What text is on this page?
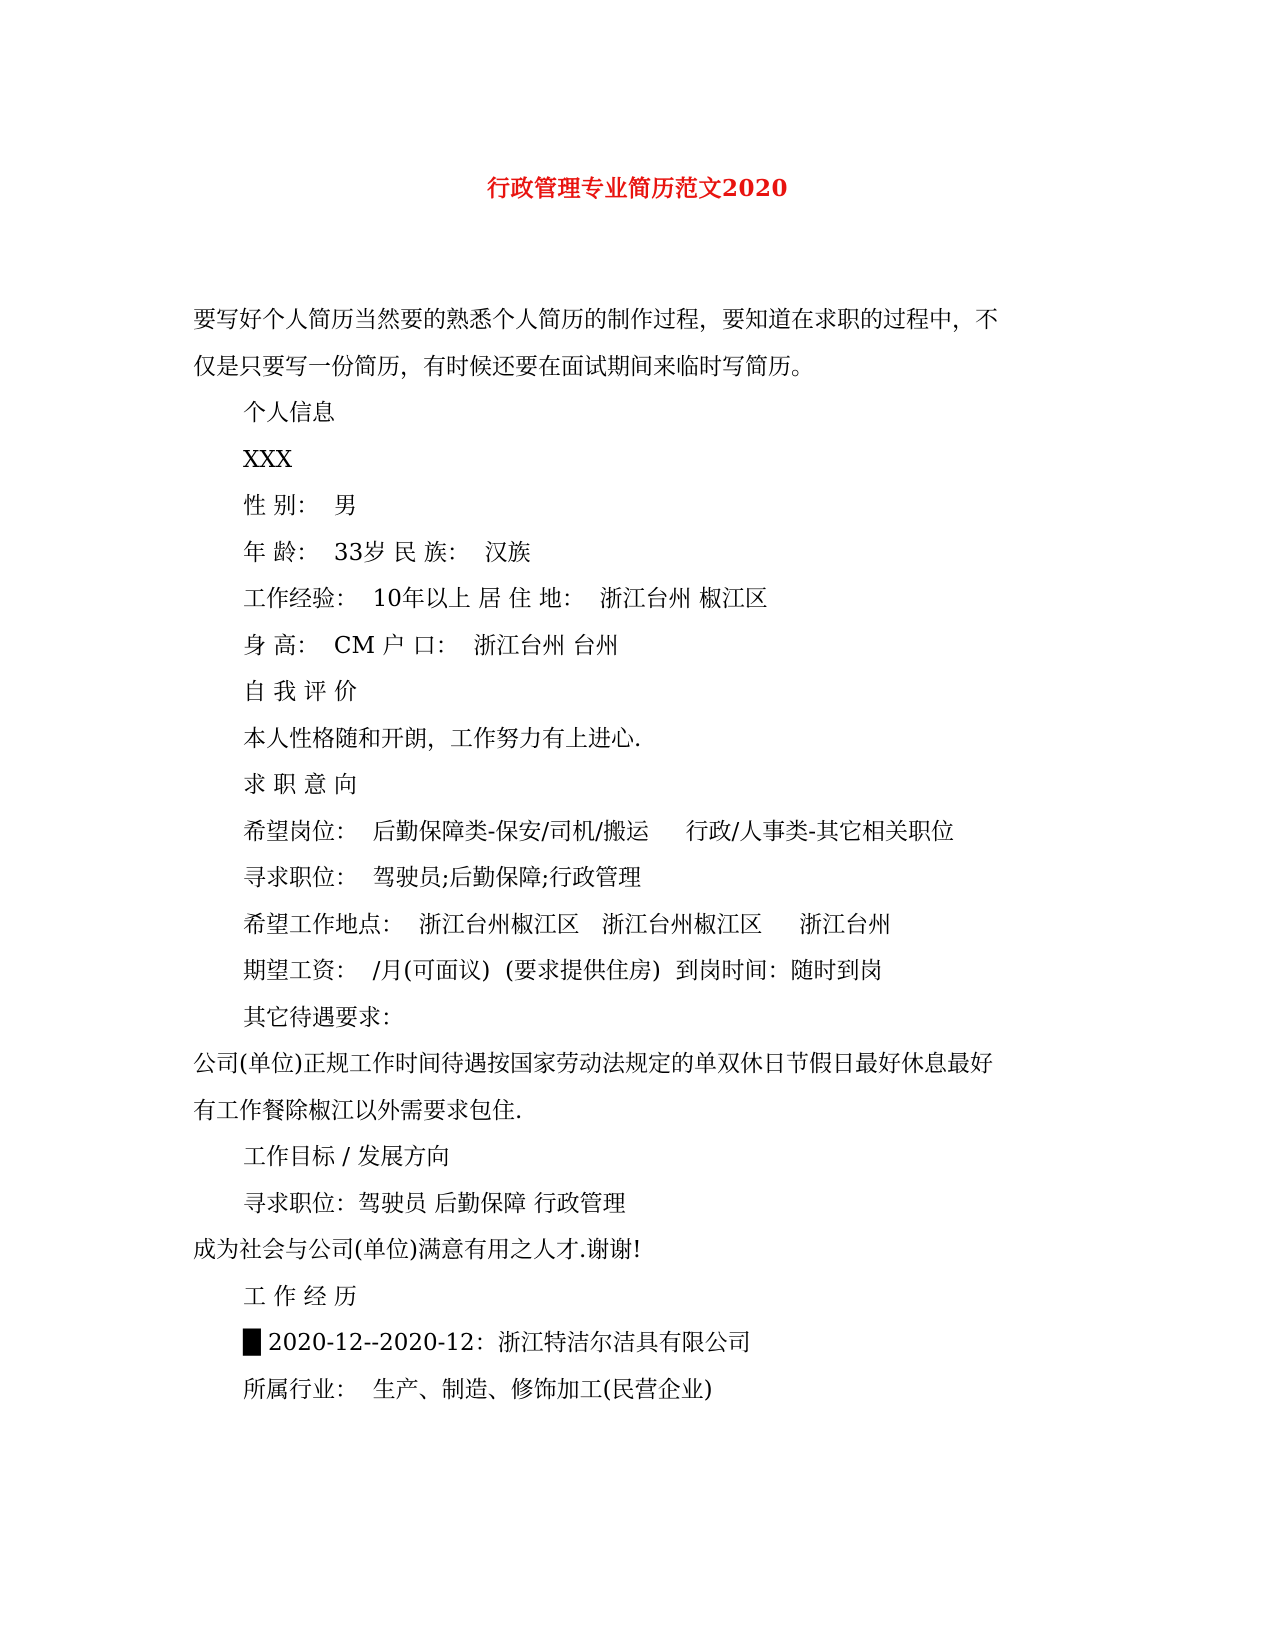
行政管理专业简历范文2020
要写好个人简历当然要的熟悉个人简历的制作过程，要知道在求职的过程中，不
仅是只要写一份简历，有时候还要在面试期间来临时写简历。
个人信息
XXX
性 别：  男
年 龄：  33岁 民 族：  汉族
工作经验：  10年以上 居 住 地：  浙江台州 椒江区
身 高：  CM 户 口：  浙江台州 台州
自 我 评 价
本人性格随和开朗，工作努力有上进心.
求 职 意 向
希望岗位：  后勤保障类-保安/司机/搬运     行政/人事类-其它相关职位
寻求职位：  驾驶员;后勤保障;行政管理
希望工作地点：  浙江台州椒江区   浙江台州椒江区     浙江台州
期望工资：  /月(可面议)  (要求提供住房)  到岗时间：随时到岗
其它待遇要求：
公司(单位)正规工作时间待遇按国家劳动法规定的单双休日节假日最好休息最好
有工作餐除椒江以外需要求包住.
工作目标 / 发展方向
寻求职位：驾驶员 后勤保障 行政管理
成为社会与公司(单位)满意有用之人才.谢谢!
工 作 经 历
█ 2020-12--2020-12：浙江特洁尔洁具有限公司
所属行业：  生产、制造、修饰加工(民营企业)
